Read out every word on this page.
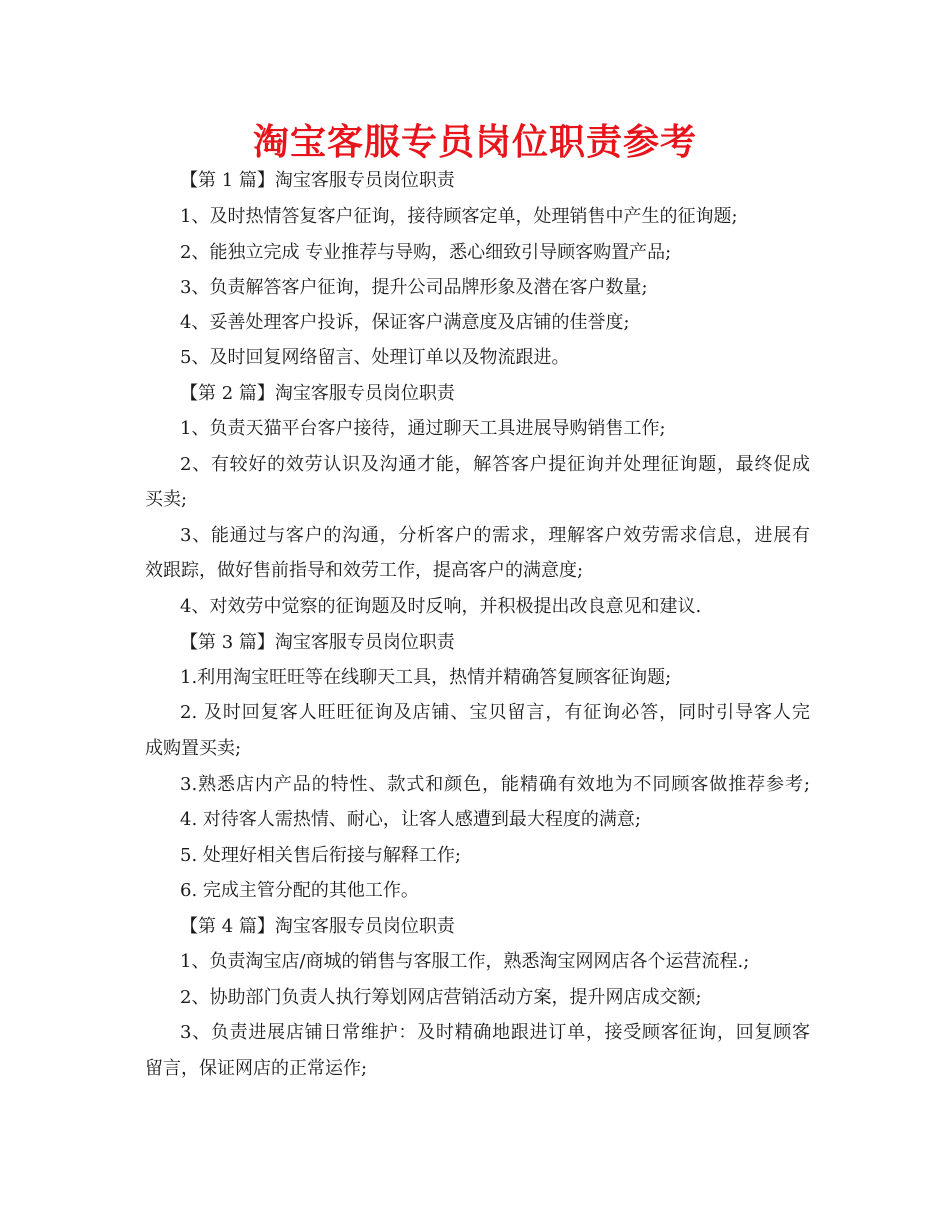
淘宝客服专员岗位职责参考
【第 1 篇】淘宝客服专员岗位职责
1、及时热情答复客户征询，接待顾客定单，处理销售中产生的征询题;
2、能独立完成 专业推荐与导购，悉心细致引导顾客购置产品;
3、负责解答客户征询，提升公司品牌形象及潜在客户数量;
4、妥善处理客户投诉，保证客户满意度及店铺的佳誉度;
5、及时回复网络留言、处理订单以及物流跟进。
【第 2 篇】淘宝客服专员岗位职责
1、负责天猫平台客户接待，通过聊天工具进展导购销售工作;
2、有较好的效劳认识及沟通才能，解答客户提征询并处理征询题，最终促成
买卖;
3、能通过与客户的沟通，分析客户的需求，理解客户效劳需求信息，进展有
效跟踪，做好售前指导和效劳工作，提高客户的满意度;
4、对效劳中觉察的征询题及时反响，并积极提出改良意见和建议.
【第 3 篇】淘宝客服专员岗位职责
1.利用淘宝旺旺等在线聊天工具，热情并精确答复顾客征询题;
2. 及时回复客人旺旺征询及店铺、宝贝留言，有征询必答，同时引导客人完
成购置买卖;
3.熟悉店内产品的特性、款式和颜色，能精确有效地为不同顾客做推荐参考;
4. 对待客人需热情、耐心，让客人感遭到最大程度的满意;
5. 处理好相关售后衔接与解释工作;
6. 完成主管分配的其他工作。
【第 4 篇】淘宝客服专员岗位职责
1、负责淘宝店/商城的销售与客服工作，熟悉淘宝网网店各个运营流程.;
2、协助部门负责人执行筹划网店营销活动方案，提升网店成交额;
3、负责进展店铺日常维护：及时精确地跟进订单，接受顾客征询，回复顾客
留言，保证网店的正常运作;
